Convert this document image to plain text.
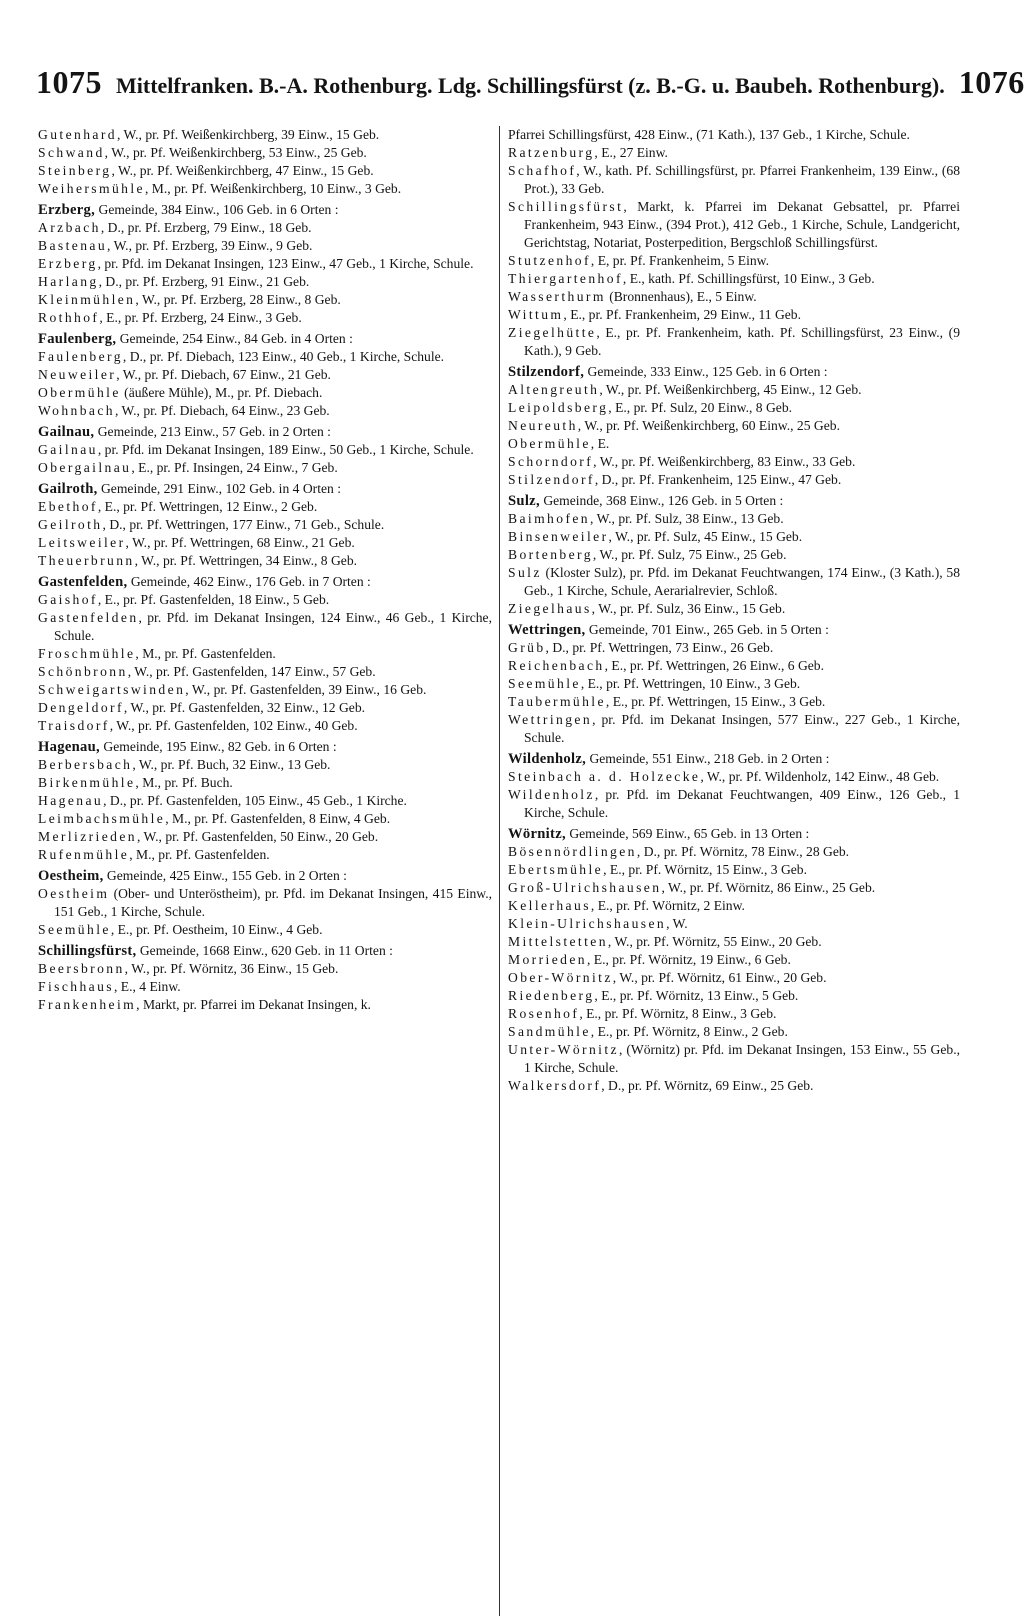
1075 Mittelfranken. B.-A. Rothenburg. Ldg. Schillingsfürst (z. B.-G. u. Baubeh. Rothenburg). 1076
Gutenhard, W., pr. Pf. Weißenkirchberg, 39 Einw., 15 Geb.
Schwand, W., pr. Pf. Weißenkirchberg, 53 Einw., 25 Geb.
Steinberg, W., pr. Pf. Weißenkirchberg, 47 Einw., 15 Geb.
Weihersmühle, M., pr. Pf. Weißenkirchberg, 10 Einw., 3 Geb.
Erzberg, Gemeinde, 384 Einw., 106 Geb. in 6 Orten :
Arzbach, D., pr. Pf. Erzberg, 79 Einw., 18 Geb.
Bastenau, W., pr. Pf. Erzberg, 39 Einw., 9 Geb.
Erzberg, pr. Pfd. im Dekanat Insingen, 123 Einw., 47 Geb., 1 Kirche, Schule.
Harlang, D., pr. Pf. Erzberg, 91 Einw., 21 Geb.
Kleinmühlen, W., pr. Pf. Erzberg, 28 Einw., 8 Geb.
Rothhof, E., pr. Pf. Erzberg, 24 Einw., 3 Geb.
Faulenberg, Gemeinde, 254 Einw., 84 Geb. in 4 Orten :
Faulenberg, D., pr. Pf. Diebach, 123 Einw., 40 Geb., 1 Kirche, Schule.
Neuweiler, W., pr. Pf. Diebach, 67 Einw., 21 Geb.
Obermühle (äußere Mühle), M., pr. Pf. Diebach.
Wohnbach, W., pr. Pf. Diebach, 64 Einw., 23 Geb.
Gailnau, Gemeinde, 213 Einw., 57 Geb. in 2 Orten :
Gailnau, pr. Pfd. im Dekanat Insingen, 189 Einw., 50 Geb., 1 Kirche, Schule.
Obergailnau, E., pr. Pf. Insingen, 24 Einw., 7 Geb.
Gailroth, Gemeinde, 291 Einw., 102 Geb. in 4 Orten :
Ebethof, E., pr. Pf. Wettringen, 12 Einw., 2 Geb.
Geilroth, D., pr. Pf. Wettringen, 177 Einw., 71 Geb., Schule.
Leitsweiler, W., pr. Pf. Wettringen, 68 Einw., 21 Geb.
Theuerbrunn, W., pr. Pf. Wettringen, 34 Einw., 8 Geb.
Gastenfelden, Gemeinde, 462 Einw., 176 Geb. in 7 Orten :
Gaishof, E., pr. Pf. Gastenfelden, 18 Einw., 5 Geb.
Gastenfelden, pr. Pfd. im Dekanat Insingen, 124 Einw., 46 Geb., 1 Kirche, Schule.
Froschmühle, M., pr. Pf. Gastenfelden.
Schönbronn, W., pr. Pf. Gastenfelden, 147 Einw., 57 Geb.
Schweigartswinden, W., pr. Pf. Gastenfelden, 39 Einw., 16 Geb.
Dengeldorf, W., pr. Pf. Gastenfelden, 32 Einw., 12 Geb.
Traisdorf, W., pr. Pf. Gastenfelden, 102 Einw., 40 Geb.
Hagenau, Gemeinde, 195 Einw., 82 Geb. in 6 Orten :
Berbersbach, W., pr. Pf. Buch, 32 Einw., 13 Geb.
Birkenmühle, M., pr. Pf. Buch.
Hagenau, D., pr. Pf. Gastenfelden, 105 Einw., 45 Geb., 1 Kirche.
Leimbachsmühle, M., pr. Pf. Gastenfelden, 8 Einw, 4 Geb.
Merlizrieden, W., pr. Pf. Gastenfelden, 50 Einw., 20 Geb.
Rufenmühle, M., pr. Pf. Gastenfelden.
Oestheim, Gemeinde, 425 Einw., 155 Geb. in 2 Orten :
Oestheim (Ober- und Unteröstheim), pr. Pfd. im Dekanat Insingen, 415 Einw., 151 Geb., 1 Kirche, Schule.
Seemühle, E., pr. Pf. Oestheim, 10 Einw., 4 Geb.
Schillingsfürst, Gemeinde, 1668 Einw., 620 Geb. in 11 Orten :
Beersbronn, W., pr. Pf. Wörnitz, 36 Einw., 15 Geb.
Fischhaus, E., 4 Einw.
Frankenheim, Markt, pr. Pfarrei im Dekanat Insingen, k.
Pfarrei Schillingsfürst, 428 Einw., (71 Kath.), 137 Geb., 1 Kirche, Schule.
Ratzenburg, E., 27 Einw.
Schafhof, W., kath. Pf. Schillingsfürst, pr. Pfarrei Frankenheim, 139 Einw., (68 Prot.), 33 Geb.
Schillingsfürst, Markt, k. Pfarrei im Dekanat Gebsattel, pr. Pfarrei Frankenheim, 943 Einw., (394 Prot.), 412 Geb., 1 Kirche, Schule, Landgericht, Gerichtstag, Notariat, Posterpedition, Bergschloß Schillingsfürst.
Stutzenhof, E, pr. Pf. Frankenheim, 5 Einw.
Thiergartenhof, E., kath. Pf. Schillingsfürst, 10 Einw., 3 Geb.
Wasserthurm (Bronnenhaus), E., 5 Einw.
Wittum, E., pr. Pf. Frankenheim, 29 Einw., 11 Geb.
Ziegelhütte, E., pr. Pf. Frankenheim, kath. Pf. Schillingsfürst, 23 Einw., (9 Kath.), 9 Geb.
Stilzendorf, Gemeinde, 333 Einw., 125 Geb. in 6 Orten :
Altengreuth, W., pr. Pf. Weißenkirchberg, 45 Einw., 12 Geb.
Leipoldsberg, E., pr. Pf. Sulz, 20 Einw., 8 Geb.
Neureuth, W., pr. Pf. Weißenkirchberg, 60 Einw., 25 Geb.
Obermühle, E.
Schorndorf, W., pr. Pf. Weißenkirchberg, 83 Einw., 33 Geb.
Stilzendorf, D., pr. Pf. Frankenheim, 125 Einw., 47 Geb.
Sulz, Gemeinde, 368 Einw., 126 Geb. in 5 Orten :
Baimhofen, W., pr. Pf. Sulz, 38 Einw., 13 Geb.
Binsenweiler, W., pr. Pf. Sulz, 45 Einw., 15 Geb.
Bortenberg, W., pr. Pf. Sulz, 75 Einw., 25 Geb.
Sulz (Kloster Sulz), pr. Pfd. im Dekanat Feuchtwangen, 174 Einw., (3 Kath.), 58 Geb., 1 Kirche, Schule, Aerarialrevier, Schloß.
Ziegelhaus, W., pr. Pf. Sulz, 36 Einw., 15 Geb.
Wettringen, Gemeinde, 701 Einw., 265 Geb. in 5 Orten :
Grüb, D., pr. Pf. Wettringen, 73 Einw., 26 Geb.
Reichenbach, E., pr. Pf. Wettringen, 26 Einw., 6 Geb.
Seemühle, E., pr. Pf. Wettringen, 10 Einw., 3 Geb.
Taubermühle, E., pr. Pf. Wettringen, 15 Einw., 3 Geb.
Wettringen, pr. Pfd. im Dekanat Insingen, 577 Einw., 227 Geb., 1 Kirche, Schule.
Wildenholz, Gemeinde, 551 Einw., 218 Geb. in 2 Orten :
Steinbach a. d. Holzecke, W., pr. Pf. Wildenholz, 142 Einw., 48 Geb.
Wildenholz, pr. Pfd. im Dekanat Feuchtwangen, 409 Einw., 126 Geb., 1 Kirche, Schule.
Wörnitz, Gemeinde, 569 Einw., 65 Geb. in 13 Orten :
Bösennördlingen, D., pr. Pf. Wörnitz, 78 Einw., 28 Geb.
Ebertsmühle, E., pr. Pf. Wörnitz, 15 Einw., 3 Geb.
Groß-Ulrichshausen, W., pr. Pf. Wörnitz, 86 Einw., 25 Geb.
Kellerhaus, E., pr. Pf. Wörnitz, 2 Einw.
Klein-Ulrichshausen, W.
Mittelstetten, W., pr. Pf. Wörnitz, 55 Einw., 20 Geb.
Morrieden, E., pr. Pf. Wörnitz, 19 Einw., 6 Geb.
Ober-Wörnitz, W., pr. Pf. Wörnitz, 61 Einw., 20 Geb.
Riedenberg, E., pr. Pf. Wörnitz, 13 Einw., 5 Geb.
Rosenhof, E., pr. Pf. Wörnitz, 8 Einw., 3 Geb.
Sandmühle, E., pr. Pf. Wörnitz, 8 Einw., 2 Geb.
Unter-Wörnitz, (Wörnitz) pr. Pfd. im Dekanat Insingen, 153 Einw., 55 Geb., 1 Kirche, Schule.
Walkersdorf, D., pr. Pf. Wörnitz, 69 Einw., 25 Geb.
